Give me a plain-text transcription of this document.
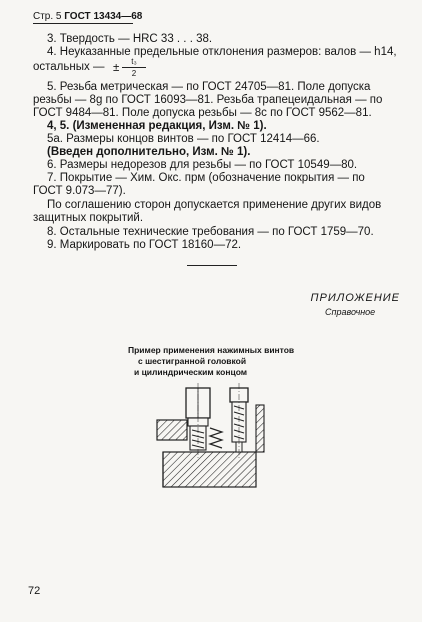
Стр. 5 ГОСТ 13434—68
3. Твердость — HRC 33 . . . 38.
4. Неуказанные предельные отклонения размеров: валов — h14,
остальных — ±
t₃
2
5. Резьба метрическая — по ГОСТ 24705—81. Поле допуска
резьбы — 8g по ГОСТ 16093—81. Резьба трапецеидальная — по
ГОСТ 9484—81. Поле допуска резьбы — 8с по ГОСТ 9562—81.
4, 5. (Измененная редакция, Изм. № 1).
5а. Размеры концов винтов — по ГОСТ 12414—66.
(Введен дополнительно, Изм. № 1).
6. Размеры недорезов для резьбы — по ГОСТ 10549—80.
7. Покрытие — Хим. Окс. прм (обозначение покрытия — по
ГОСТ 9.073—77).
По соглашению сторон допускается применение других видов
защитных покрытий.
8. Остальные технические требования — по ГОСТ 1759—70.
9. Маркировать по ГОСТ 18160—72.
ПРИЛОЖЕНИЕ
Справочное
Пример применения нажимных винтов
с шестигранной головкой
и цилиндрическим концом
72
